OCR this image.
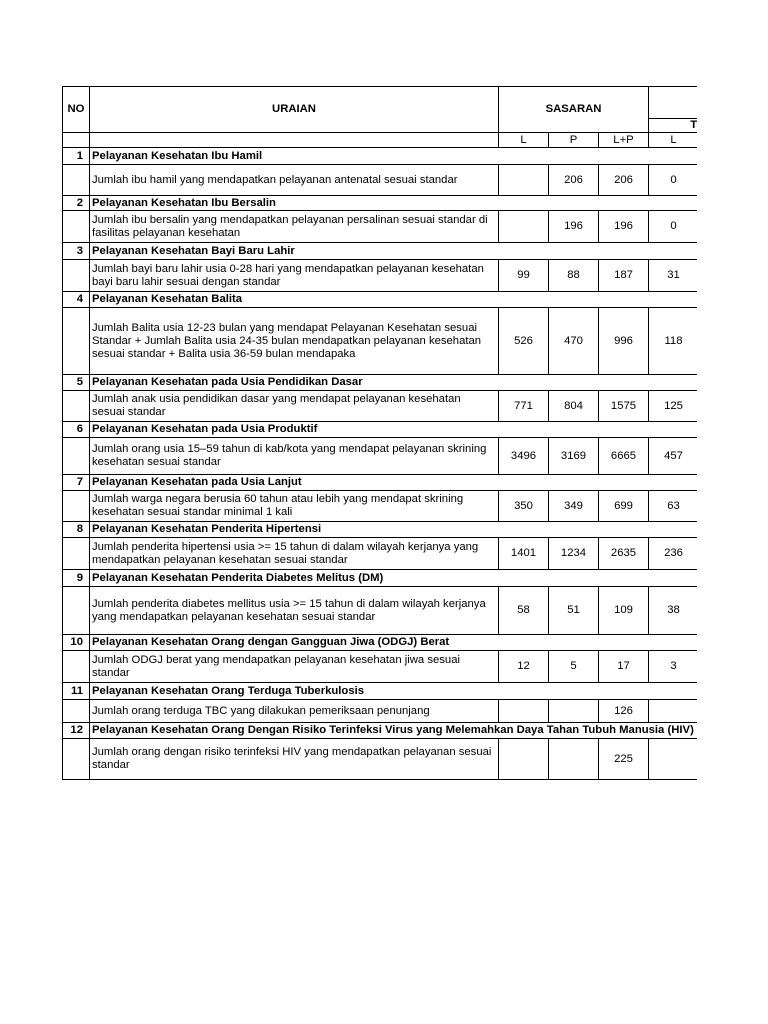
NO	URAIAN	SASARAN				
					T	
		L	P	L+P	L	
1	Pelayanan Kesehatan Ibu Hamil					
	Jumlah ibu hamil yang mendapatkan pelayanan antenatal sesuai standar		206	206	0	
2	Pelayanan Kesehatan Ibu Bersalin					
	Jumlah ibu bersalin yang mendapatkan pelayanan persalinan sesuai standar di fasilitas pelayanan kesehatan		196	196	0	
3	Pelayanan Kesehatan Bayi Baru Lahir					
	Jumlah bayi baru lahir usia 0-28 hari yang mendapatkan pelayanan kesehatan bayi baru lahir sesuai dengan standar	99	88	187	31	
4	Pelayanan Kesehatan Balita					
	Jumlah Balita usia 12-23 bulan yang mendapat Pelayanan Kesehatan sesuai Standar + Jumlah Balita usia 24-35 bulan mendapatkan pelayanan kesehatan sesuai standar + Balita usia 36-59 bulan mendapaka	526	470	996	118	
5	Pelayanan Kesehatan pada Usia Pendidikan Dasar					
	Jumlah anak usia pendidikan dasar yang mendapat pelayanan kesehatan sesuai standar	771	804	1575	125	
6	Pelayanan Kesehatan pada Usia Produktif					
	Jumlah orang usia 15–59 tahun di kab/kota yang mendapat pelayanan skrining kesehatan sesuai standar	3496	3169	6665	457	
7	Pelayanan Kesehatan pada Usia Lanjut					
	Jumlah warga negara berusia 60 tahun atau lebih yang mendapat skrining kesehatan sesuai standar minimal 1 kali	350	349	699	63	
8	Pelayanan Kesehatan Penderita Hipertensi					
	Jumlah penderita hipertensi usia >= 15 tahun di dalam wilayah kerjanya yang mendapatkan pelayanan kesehatan sesuai standar	1401	1234	2635	236	
9	Pelayanan Kesehatan Penderita Diabetes Melitus (DM)					
	Jumlah penderita diabetes mellitus usia >= 15 tahun di dalam wilayah kerjanya yang mendapatkan pelayanan kesehatan sesuai standar	58	51	109	38	
10	Pelayanan Kesehatan Orang dengan Gangguan Jiwa (ODGJ) Berat					
	Jumlah ODGJ berat yang mendapatkan pelayanan kesehatan jiwa sesuai standar	12	5	17	3	
11	Pelayanan Kesehatan Orang Terduga Tuberkulosis					
	Jumlah orang terduga TBC yang dilakukan pemeriksaan penunjang			126		
12	Pelayanan Kesehatan Orang Dengan Risiko Terinfeksi Virus yang Melemahkan Daya Tahan Tubuh Manusia (HIV)					
	Jumlah orang dengan risiko terinfeksi HIV yang mendapatkan pelayanan sesuai standar			225		
